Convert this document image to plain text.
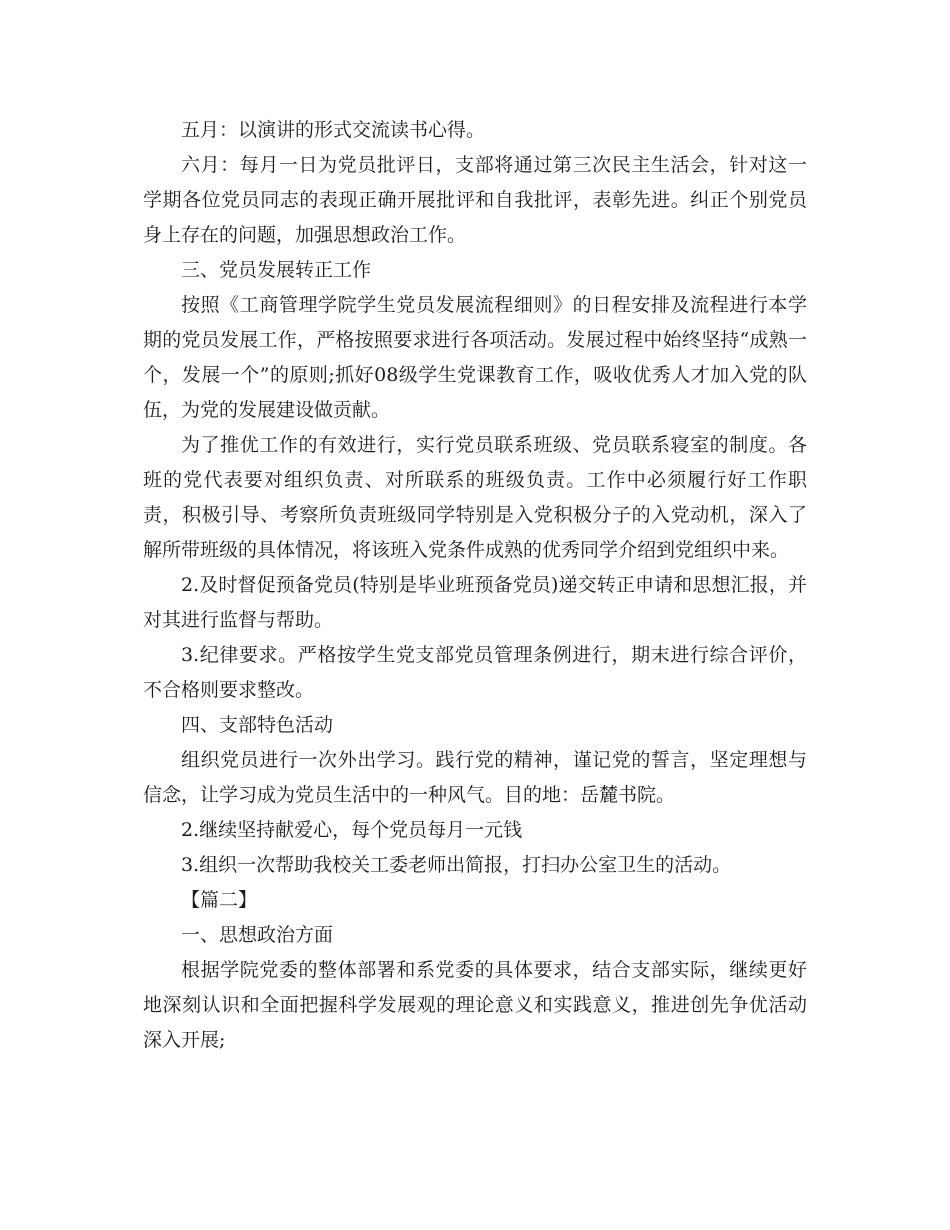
五月：以演讲的形式交流读书心得。

六月：每月一日为党员批评日，支部将通过第三次民主生活会，针对这一学期各位党员同志的表现正确开展批评和自我批评，表彰先进。纠正个别党员身上存在的问题，加强思想政治工作。

三、党员发展转正工作

按照《工商管理学院学生党员发展流程细则》的日程安排及流程进行本学期的党员发展工作，严格按照要求进行各项活动。发展过程中始终坚持“成熟一个，发展一个”的原则;抓好08级学生党课教育工作，吸收优秀人才加入党的队伍，为党的发展建设做贡献。

为了推优工作的有效进行，实行党员联系班级、党员联系寝室的制度。各班的党代表要对组织负责、对所联系的班级负责。工作中必须履行好工作职责，积极引导、考察所负责班级同学特别是入党积极分子的入党动机，深入了解所带班级的具体情况，将该班入党条件成熟的优秀同学介绍到党组织中来。

2.及时督促预备党员(特别是毕业班预备党员)递交转正申请和思想汇报，并对其进行监督与帮助。

3.纪律要求。严格按学生党支部党员管理条例进行，期末进行综合评价，不合格则要求整改。

四、支部特色活动

组织党员进行一次外出学习。践行党的精神，谨记党的誓言，坚定理想与信念，让学习成为党员生活中的一种风气。目的地：岳麓书院。

2.继续坚持献爱心，每个党员每月一元钱

3.组织一次帮助我校关工委老师出简报，打扫办公室卫生的活动。

【篇二】

一、思想政治方面

根据学院党委的整体部署和系党委的具体要求，结合支部实际，继续更好地深刻认识和全面把握科学发展观的理论意义和实践意义，推进创先争优活动深入开展;
